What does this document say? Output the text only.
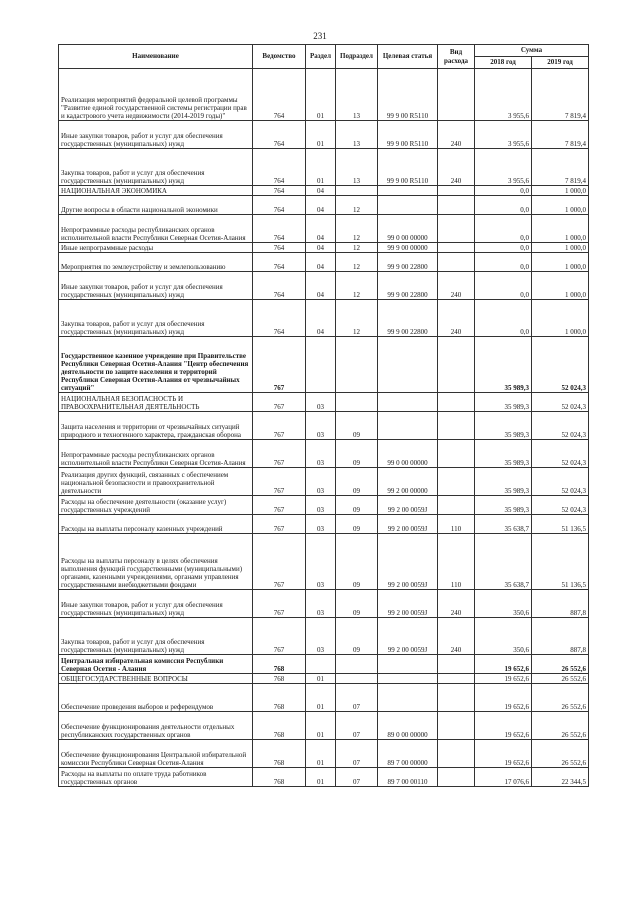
231
Наименование	Ведомство	Раздел	Подраздел	Целевая статья	Вид расхода	Сумма	
						2018 год	2019 год
Реализация мероприятий федеральной целевой программы "Развитие единой государственной системы регистрации прав и кадастрового учета недвижимости (2014-2019 годы)"	764	01	13	99 9 00 R5110		3 955,6	7 819,4
Иные закупки товаров, работ и услуг для обеспечения государственных (муниципальных) нужд	764	01	13	99 9 00 R5110	240	3 955,6	7 819,4
Закупка товаров, работ и услуг для обеспечения государственных (муниципальных) нужд	764	01	13	99 9 00 R5110	240	3 955,6	7 819,4
НАЦИОНАЛЬНАЯ ЭКОНОМИКА	764	04				0,0	1 000,0
Другие вопросы в области национальной экономики	764	04	12			0,0	1 000,0
Непрограммные расходы республиканских органов исполнительной власти Республики Северная Осетия-Алания	764	04	12	99 0 00 00000		0,0	1 000,0
Иные непрограммные расходы	764	04	12	99 9 00 00000		0,0	1 000,0
Мероприятия по землеустройству и землепользованию	764	04	12	99 9 00 22800		0,0	1 000,0
Иные закупки товаров, работ и услуг для обеспечения государственных (муниципальных) нужд	764	04	12	99 9 00 22800	240	0,0	1 000,0
Закупка товаров, работ и услуг для обеспечения государственных (муниципальных) нужд	764	04	12	99 9 00 22800	240	0,0	1 000,0
Государственное казенное учреждение при Правительстве Республики Северная Осетия-Алания "Центр обеспечения деятельности по защите населения и территорий Республики Северная Осетия-Алания от чрезвычайных ситуаций"	767					35 989,3	52 024,3
НАЦИОНАЛЬНАЯ БЕЗОПАСНОСТЬ И ПРАВООХРАНИТЕЛЬНАЯ ДЕЯТЕЛЬНОСТЬ	767	03				35 989,3	52 024,3
Защита населения и территории от чрезвычайных ситуаций природного и техногенного характера, гражданская оборона	767	03	09			35 989,3	52 024,3
Непрограммные расходы республиканских органов исполнительной власти Республики Северная Осетия-Алания	767	03	09	99 0 00 00000		35 989,3	52 024,3
Реализация других функций, связанных с обеспечением национальной безопасности и правоохранительной деятельности	767	03	09	99 2 00 00000		35 989,3	52 024,3
Расходы на обеспечение деятельности (оказание услуг) государственных учреждений	767	03	09	99 2 00 0059J		35 989,3	52 024,3
Расходы на выплаты персоналу казенных учреждений	767	03	09	99 2 00 0059J	110	35 638,7	51 136,5
Расходы на выплаты персоналу в целях обеспечения выполнения функций государственными (муниципальными) органами, казенными учреждениями, органами управления государственными внебюджетными фондами	767	03	09	99 2 00 0059J	110	35 638,7	51 136,5
Иные закупки товаров, работ и услуг для обеспечения государственных (муниципальных) нужд	767	03	09	99 2 00 0059J	240	350,6	887,8
Закупка товаров, работ и услуг для обеспечения государственных (муниципальных) нужд	767	03	09	99 2 00 0059J	240	350,6	887,8
Центральная избирательная комиссия Республики Северная Осетия - Алания	768					19 652,6	26 552,6
ОБЩЕГОСУДАРСТВЕННЫЕ ВОПРОСЫ	768	01				19 652,6	26 552,6
Обеспечение проведения выборов и референдумов	768	01	07			19 652,6	26 552,6
Обеспечение функционирования деятельности отдельных республиканских государственных органов	768	01	07	89 0 00 00000		19 652,6	26 552,6
Обеспечение функционирования Центральной избирательной комиссии Республики Северная Осетия-Алания	768	01	07	89 7 00 00000		19 652,6	26 552,6
Расходы на выплаты по оплате труда работников государственных органов	768	01	07	89 7 00 00110		17 076,6	22 344,5
